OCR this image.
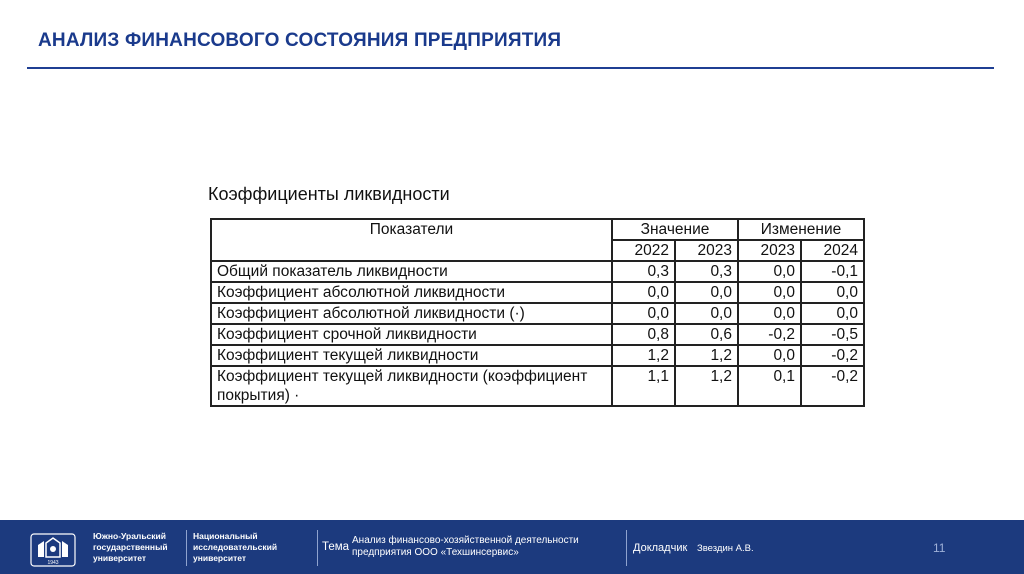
АНАЛИЗ ФИНАНСОВОГО СОСТОЯНИЯ ПРЕДПРИЯТИЯ
Коэффициенты ликвидности
Показатели	Значение		Изменение	
	2022	2023	2023	2024
Общий показатель ликвидности	0,3	0,3	0,0	-0,1
Коэффициент абсолютной ликвидности	0,0	0,0	0,0	0,0
Коэффициент абсолютной ликвидности (·)	0,0	0,0	0,0	0,0
Коэффициент срочной ликвидности	0,8	0,6	-0,2	-0,5
Коэффициент текущей ликвидности	1,2	1,2	0,0	-0,2
Коэффициент текущей ликвидности (коэффициент покрытия) ·	1,1	1,2	0,1	-0,2
1943
Южно-Уральский государственный университет
Национальный исследовательский университет
Тема
Анализ финансово-хозяйственной деятельности предприятия ООО «Техшинсервис»	Докладчик Звездин А.В.	11
